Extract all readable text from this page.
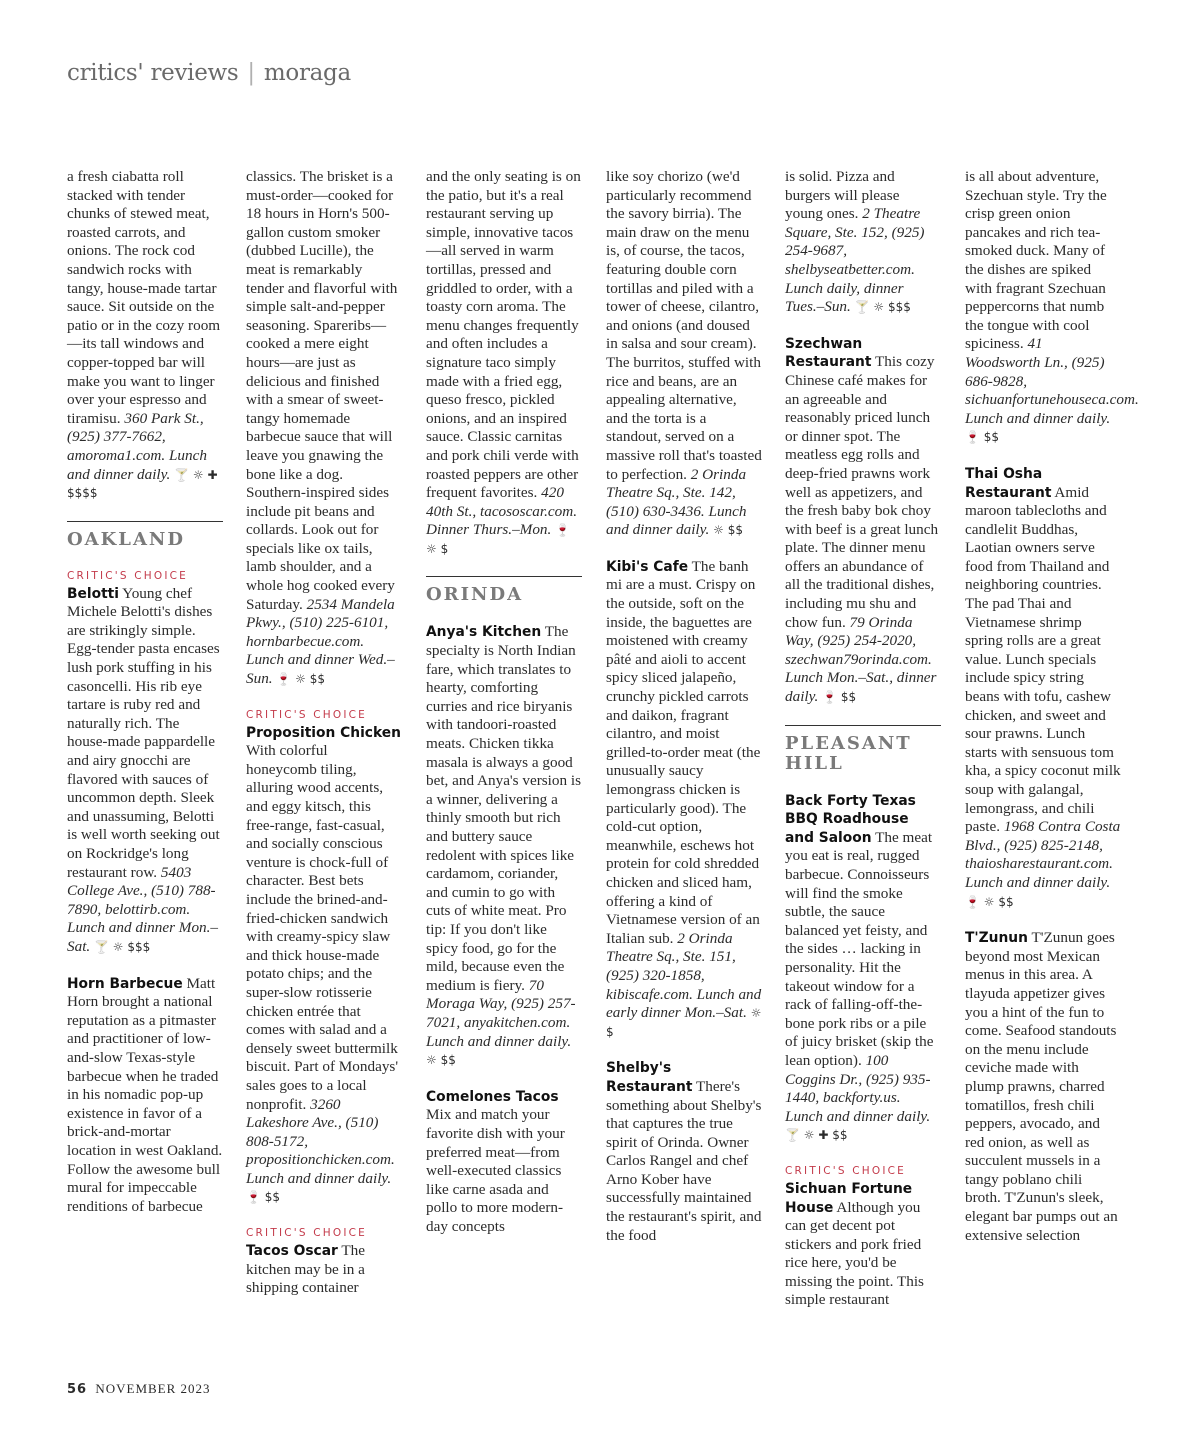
critics' reviews | moraga

a fresh ciabatta roll stacked with tender chunks of stewed meat, roasted carrots, and onions. The rock cod sandwich rocks with tangy, house-made tartar sauce. Sit outside on the patio or in the cozy room—its tall windows and copper-topped bar will make you want to linger over your espresso and tiramisu. 360 Park St., (925) 377-7662, amoroma1.com. Lunch and dinner daily. 🍸 ☼ ✚ $$$$

OAKLAND
CRITIC'S CHOICE

Belotti Young chef Michele Belotti's dishes are strikingly simple. Egg-tender pasta encases lush pork stuffing in his casoncelli. His rib eye tartare is ruby red and naturally rich. The house-made pappardelle and airy gnocchi are flavored with sauces of uncommon depth. Sleek and unassuming, Belotti is well worth seeking out on Rockridge's long restaurant row. 5403 College Ave., (510) 788-7890, belottirb.com. Lunch and dinner Mon.–Sat. 🍸 ☼ $$$

Horn Barbecue Matt Horn brought a national reputation as a pitmaster and practitioner of low-and-slow Texas-style barbecue when he traded in his nomadic pop-up existence in favor of a brick-and-mortar location in west Oakland. Follow the awesome bull mural for impeccable renditions of barbecue

classics. The brisket is a must-order—cooked for 18 hours in Horn's 500-gallon custom smoker (dubbed Lucille), the meat is remarkably tender and flavorful with simple salt-and-pepper seasoning. Spareribs—cooked a mere eight hours—are just as delicious and finished with a smear of sweet-tangy homemade barbecue sauce that will leave you gnawing the bone like a dog. Southern-inspired sides include pit beans and collards. Look out for specials like ox tails, lamb shoulder, and a whole hog cooked every Saturday. 2534 Mandela Pkwy., (510) 225-6101, hornbarbecue.com. Lunch and dinner Wed.–Sun. 🍷 ☼ $$

CRITIC'S CHOICE

Proposition Chicken With colorful honeycomb tiling, alluring wood accents, and eggy kitsch, this free-range, fast-casual, and socially conscious venture is chock-full of character. Best bets include the brined-and-fried-chicken sandwich with creamy-spicy slaw and thick house-made potato chips; and the super-slow rotisserie chicken entrée that comes with salad and a densely sweet buttermilk biscuit. Part of Mondays' sales goes to a local nonprofit. 3260 Lakeshore Ave., (510) 808-5172, propositionchicken.com. Lunch and dinner daily. 🍷 $$

CRITIC'S CHOICE

Tacos Oscar The kitchen may be in a shipping container

and the only seating is on the patio, but it's a real restaurant serving up simple, innovative tacos—all served in warm tortillas, pressed and griddled to order, with a toasty corn aroma. The menu changes frequently and often includes a signature taco simply made with a fried egg, queso fresco, pickled onions, and an inspired sauce. Classic carnitas and pork chili verde with roasted peppers are other frequent favorites. 420 40th St., tacososcar.com. Dinner Thurs.–Mon. 🍷 ☼ $

ORINDA

Anya's Kitchen The specialty is North Indian fare, which translates to hearty, comforting curries and rice biryanis with tandoori-roasted meats. Chicken tikka masala is always a good bet, and Anya's version is a winner, delivering a thinly smooth but rich and buttery sauce redolent with spices like cardamom, coriander, and cumin to go with cuts of white meat. Pro tip: If you don't like spicy food, go for the mild, because even the medium is fiery. 70 Moraga Way, (925) 257-7021, anyakitchen.com. Lunch and dinner daily. ☼ $$

Comelones Tacos Mix and match your favorite dish with your preferred meat—from well-executed classics like carne asada and pollo to more modern-day concepts

like soy chorizo (we'd particularly recommend the savory birria). The main draw on the menu is, of course, the tacos, featuring double corn tortillas and piled with a tower of cheese, cilantro, and onions (and doused in salsa and sour cream). The burritos, stuffed with rice and beans, are an appealing alternative, and the torta is a standout, served on a massive roll that's toasted to perfection. 2 Orinda Theatre Sq., Ste. 142, (510) 630-3436. Lunch and dinner daily. ☼ $$

Kibi's Cafe The banh mi are a must. Crispy on the outside, soft on the inside, the baguettes are moistened with creamy pâté and aioli to accent spicy sliced jalapeño, crunchy pickled carrots and daikon, fragrant cilantro, and moist grilled-to-order meat (the unusually saucy lemongrass chicken is particularly good). The cold-cut option, meanwhile, eschews hot protein for cold shredded chicken and sliced ham, offering a kind of Vietnamese version of an Italian sub. 2 Orinda Theatre Sq., Ste. 151, (925) 320-1858, kibiscafe.com. Lunch and early dinner Mon.–Sat. ☼ $

Shelby's Restaurant There's something about Shelby's that captures the true spirit of Orinda. Owner Carlos Rangel and chef Arno Kober have successfully maintained the restaurant's spirit, and the food

is solid. Pizza and burgers will please young ones. 2 Theatre Square, Ste. 152, (925) 254-9687, shelbyseatbetter.com. Lunch daily, dinner Tues.–Sun. 🍸 ☼ $$$

Szechwan Restaurant This cozy Chinese café makes for an agreeable and reasonably priced lunch or dinner spot. The meatless egg rolls and deep-fried prawns work well as appetizers, and the fresh baby bok choy with beef is a great lunch plate. The dinner menu offers an abundance of all the traditional dishes, including mu shu and chow fun. 79 Orinda Way, (925) 254-2020, szechwan79orinda.com. Lunch Mon.–Sat., dinner daily. 🍷 $$

PLEASANT HILL

Back Forty Texas BBQ Roadhouse and Saloon The meat you eat is real, rugged barbecue. Connoisseurs will find the smoke subtle, the sauce balanced yet feisty, and the sides … lacking in personality. Hit the takeout window for a rack of falling-off-the-bone pork ribs or a pile of juicy brisket (skip the lean option). 100 Coggins Dr., (925) 935-1440, backforty.us. Lunch and dinner daily. 🍸 ☼ ✚ $$

CRITIC'S CHOICE

Sichuan Fortune House Although you can get decent pot stickers and pork fried rice here, you'd be missing the point. This simple restaurant

is all about adventure, Szechuan style. Try the crisp green onion pancakes and rich tea-smoked duck. Many of the dishes are spiked with fragrant Szechuan peppercorns that numb the tongue with cool spiciness. 41 Woodsworth Ln., (925) 686-9828, sichuanfortunehouseca.com. Lunch and dinner daily. 🍷 $$

Thai Osha Restaurant Amid maroon tablecloths and candlelit Buddhas, Laotian owners serve food from Thailand and neighboring countries. The pad Thai and Vietnamese shrimp spring rolls are a great value. Lunch specials include spicy string beans with tofu, cashew chicken, and sweet and sour prawns. Lunch starts with sensuous tom kha, a spicy coconut milk soup with galangal, lemongrass, and chili paste. 1968 Contra Costa Blvd., (925) 825-2148, thaiosharestaurant.com. Lunch and dinner daily. 🍷 ☼ $$

T'Zunun T'Zunun goes beyond most Mexican menus in this area. A tlayuda appetizer gives you a hint of the fun to come. Seafood standouts on the menu include ceviche made with plump prawns, charred tomatillos, fresh chili peppers, avocado, and red onion, as well as succulent mussels in a tangy poblano chili broth. T'Zunun's sleek, elegant bar pumps out an extensive selection

56 NOVEMBER 2023
